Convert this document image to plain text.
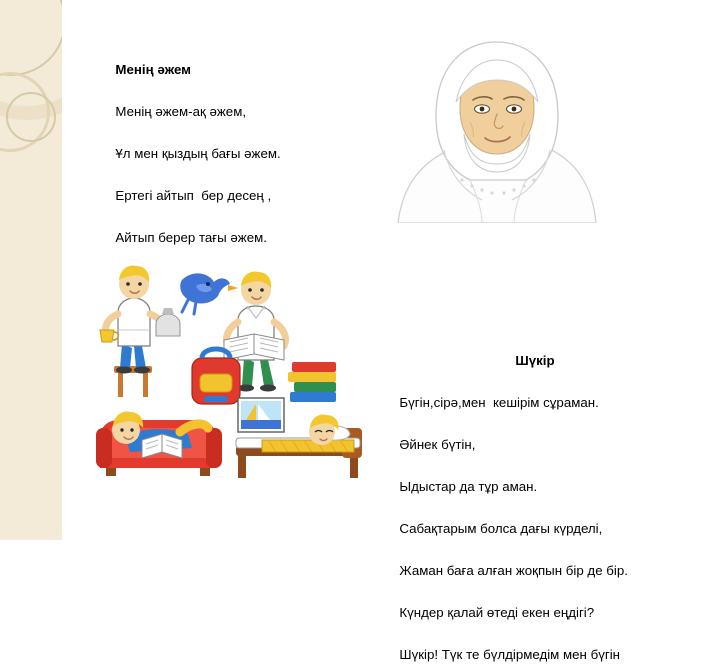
Менің әжем

Менің әжем-ақ әжем,

Ұл мен қыздың бағы әжем.

Ертегі айтып  бер десең ,

Айтып берер тағы әжем.

Шүкір

Бүгін,сірә,мен  кешірім сұраман.

Әйнек бүтін,

Ыдыстар да тұр аман.

Сабақтарым болса дағы күрделі,

Жаман баға алған жоқпын бір де бір.

Күндер қалай өтеді екен еңдігі?

Шүкір! Түк те бүлдірмедім мен бүгін
